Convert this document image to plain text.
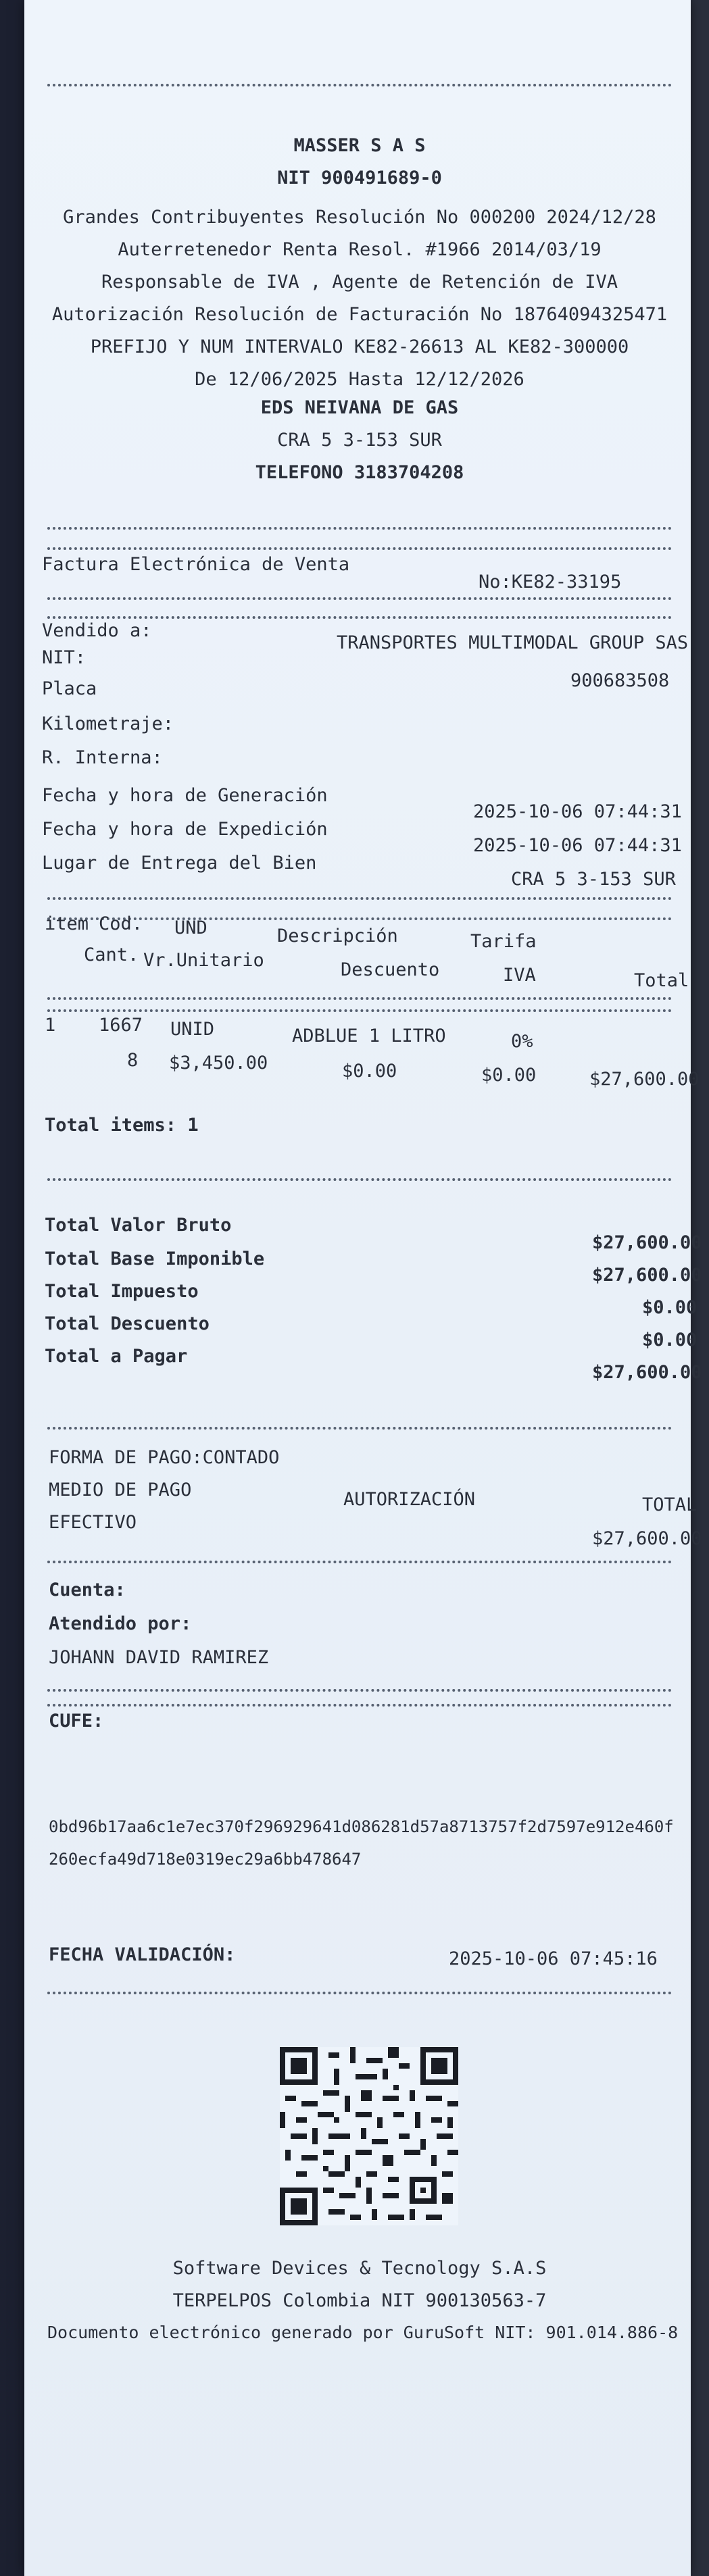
MASSER S A S
NIT 900491689-0
Grandes Contribuyentes Resolución No 000200 2024/12/28
Auterretenedor Renta Resol. #1966 2014/03/19
Responsable de IVA , Agente de Retención de IVA
Autorización Resolución de Facturación No 18764094325471
PREFIJO Y NUM INTERVALO KE82-26613 AL KE82-300000
De 12/06/2025 Hasta 12/12/2026
EDS NEIVANA DE GAS
CRA 5 3-153 SUR
TELEFONO 3183704208
Factura Electrónica de Venta
No:KE82-33195
Vendido a:
TRANSPORTES MULTIMODAL GROUP SAS
NIT:
900683508
Placa
Kilometraje:
R. Interna:
Fecha y hora de Generación
2025-10-06 07:44:31
Fecha y hora de Expedición
2025-10-06 07:44:31
Lugar de Entrega del Bien
CRA 5 3-153 SUR
item Cod. UND	Descripción	Tarifa
Cant. Vr.Unitario	Descuento	IVA	Total
1 1667 UNID	ADBLUE 1 LITRO	0%
8 $3,450.00	$0.00	$0.00	$27,600.00
Total items: 1
Total Valor Bruto
$27,600.00
Total Base Imponible
$27,600.00
Total Impuesto
$0.00
Total Descuento
$0.00
Total a Pagar
$27,600.00
FORMA DE PAGO:CONTADO
MEDIO DE PAGO	AUTORIZACIÓN	TOTAL
EFECTIVO
$27,600.00
Cuenta:
Atendido por:
JOHANN DAVID RAMIREZ
CUFE:
0bd96b17aa6c1e7ec370f296929641d086281d57a8713757f2d7597e912e460f
260ecfa49d718e0319ec29a6bb478647
FECHA VALIDACIÓN:	2025-10-06 07:45:16
Software Devices & Tecnology S.A.S
TERPELPOS Colombia NIT 900130563-7
Documento electrónico generado por GuruSoft NIT: 901.014.886-8
